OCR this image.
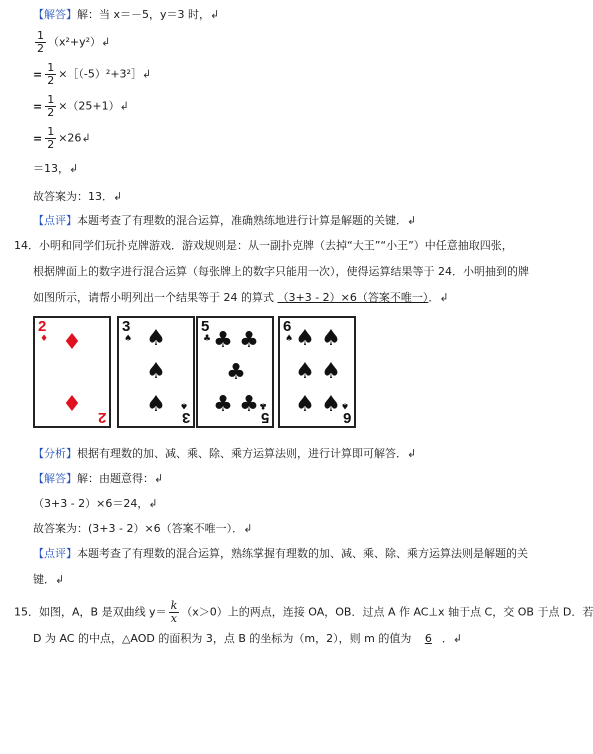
【解答】解：当 x＝－5，y＝3 时，↲
$\frac{1}{2}$ （x²+y²）↲
= $\frac{1}{2}$ ×［（-5）²+3²］↲
= $\frac{1}{2}$ ×（25+1）↲
= $\frac{1}{2}$ ×26↲
＝13，↲
故答案为：13．↲
【点评】本题考查了有理数的混合运算，准确熟练地进行计算是解题的关键．↲
14．小明和同学们玩扑克牌游戏．游戏规则是：从一副扑克牌（去掉“大王”“小王”）中任意抽取四张，
根据牌面上的数字进行混合运算（每张牌上的数字只能用一次），使得运算结果等于 24．小明抽到的牌
如图所示，请帮小明列出一个结果等于 24 的算式 （3+3 - 2）×6（答案不唯一）．↲
2
♦ ♦
♦
2
3
♠ ♠
♠
♠
3
♠
5
♣ ♣ ♣
♣
♣ ♣
5
♣
6
♠ ♠ ♠
♠ ♠
♠ ♠
6
♠
【分析】根据有理数的加、减、乘、除、乘方运算法则，进行计算即可解答．↲
【解答】解：由题意得：↲
（3+3 - 2）×6＝24，↲
故答案为：(3+3 - 2）×6（答案不唯一）．↲
【点评】本题考查了有理数的混合运算，熟练掌握有理数的加、减、乘、除、乘方运算法则是解题的关
键．↲
15．如图，A，B 是双曲线 $y= \frac{k}{x} (x>0)$上的两点，连接 OA，OB．过点 A 作 AC⊥x 轴于点 C，交 OB 于点 D．若
D 为 AC 的中点，△AOD 的面积为 3，点 B 的坐标为（m，2），则 m 的值为 6 ．↲
